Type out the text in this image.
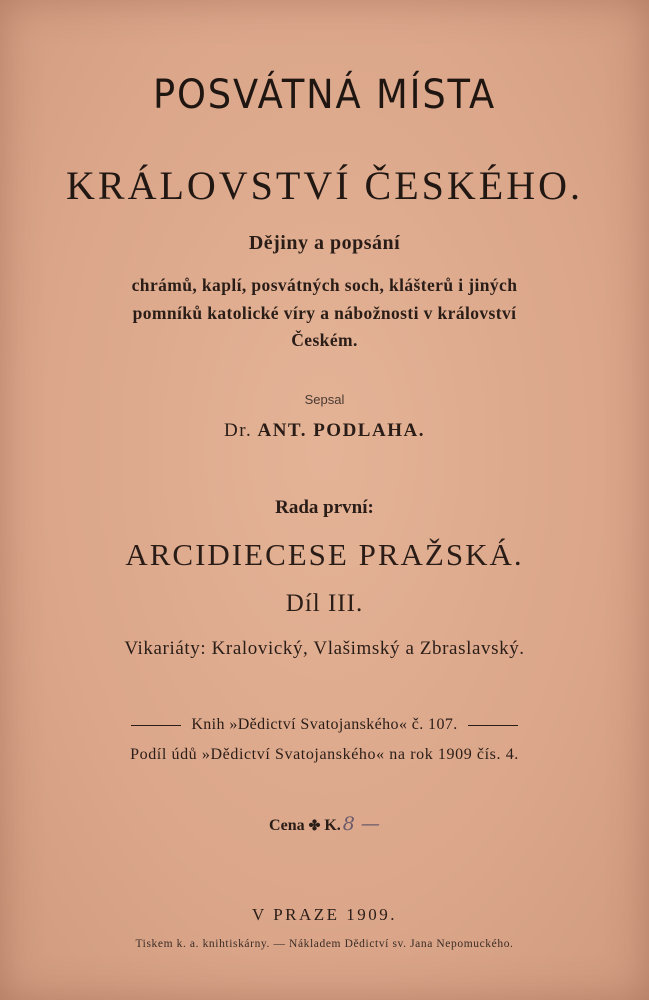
POSVÁTNÁ MÍSTA
KRÁLOVSTVÍ ČESKÉHO.
Dějiny a popsání
chrámů, kaplí, posvátných soch, klášterů i jiných
pomníků katolické víry a nábožnosti v království
Českém.
Sepsal
Dr. ANT. PODLAHA.
Rada první:
ARCIDIECESE PRAŽSKÁ.
Díl III.
Vikariáty: Kralovický, Vlašimský a Zbraslavský.
Knih »Dědictví Svatojanského« č. 107.
Podíl údů »Dědictví Svatojanského« na rok 1909 čís. 4.
Cena ✤ K. 8 —
V PRAZE 1909.
Tiskem k. a. knihtiskárny. — Nákladem Dědictví sv. Jana Nepomuckého.
